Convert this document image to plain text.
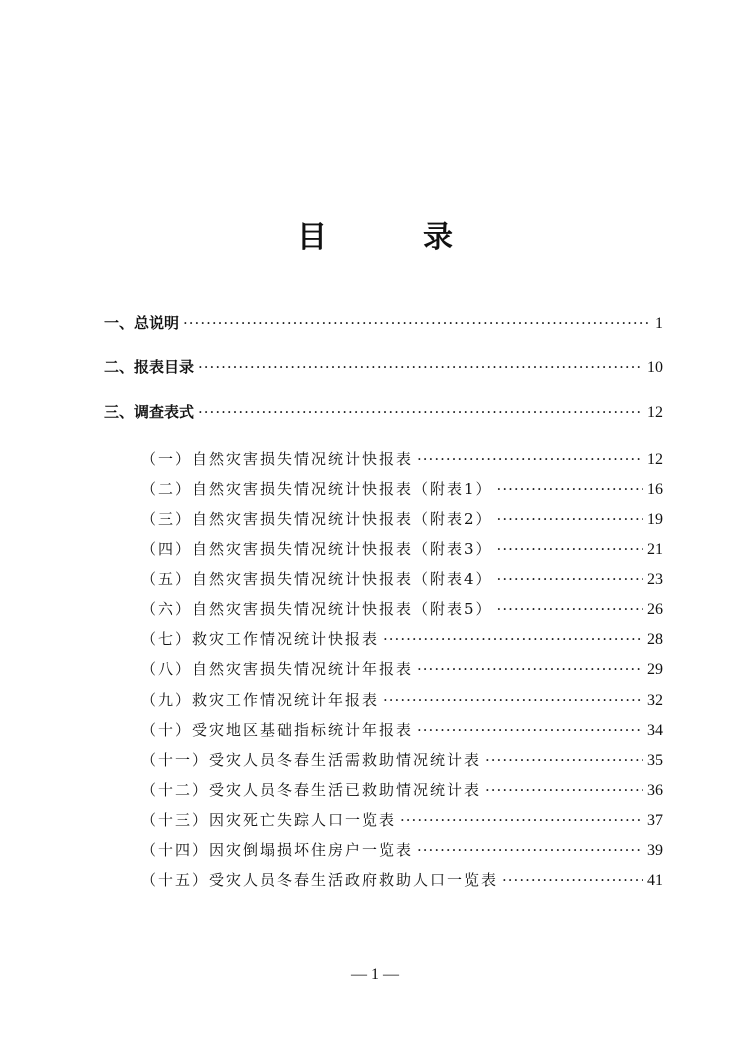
目	录
一、总说明 ·····	1
二、报表目录 ·····	10
三、调查表式 ·····	12
（一）自然灾害损失情况统计快报表 ·····	12
（二）自然灾害损失情况统计快报表（附表1） ·····	16
（三）自然灾害损失情况统计快报表（附表2） ·····	19
（四）自然灾害损失情况统计快报表（附表3） ·····	21
（五）自然灾害损失情况统计快报表（附表4） ·····	23
（六）自然灾害损失情况统计快报表（附表5） ·····	26
（七）救灾工作情况统计快报表 ·····	28
（八）自然灾害损失情况统计年报表 ·····	29
（九）救灾工作情况统计年报表 ·····	32
（十）受灾地区基础指标统计年报表 ·····	34
（十一）受灾人员冬春生活需救助情况统计表 ·····	35
（十二）受灾人员冬春生活已救助情况统计表 ·····	36
（十三）因灾死亡失踪人口一览表 ·····	37
（十四）因灾倒塌损坏住房户一览表 ·····	39
（十五）受灾人员冬春生活政府救助人口一览表 ·····	41
— 1 —
